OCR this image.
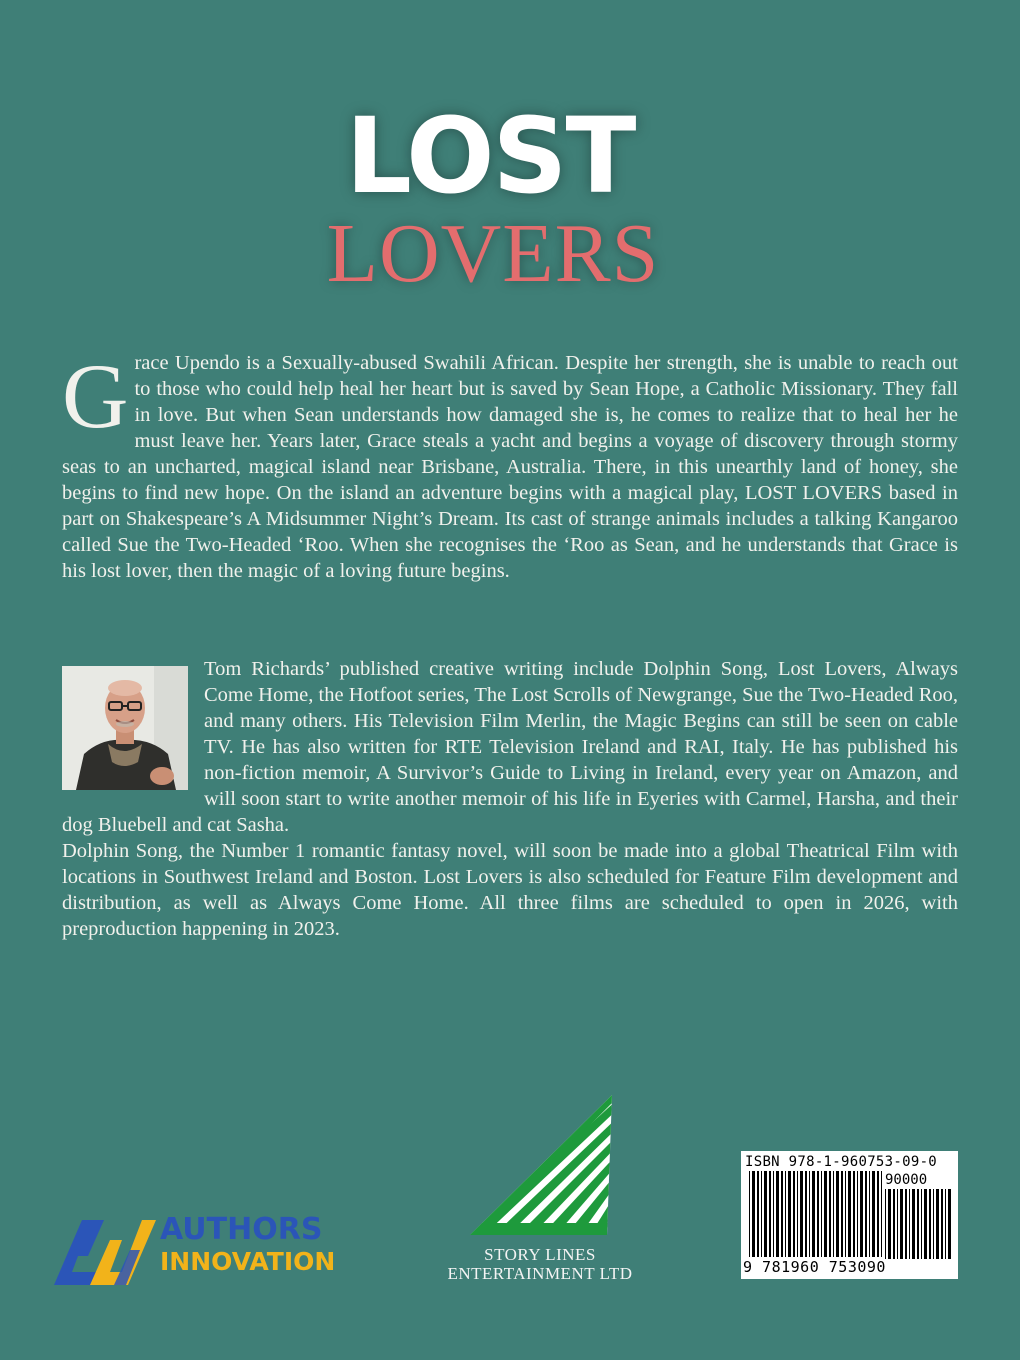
LOST
LOVERS
G race Upendo is a Sexually-abused Swahili African. Despite her strength, she is unable to reach out to those who could help heal her heart but is saved by Sean Hope, a Catholic Missionary. They fall in love. But when Sean understands how damaged she is, he comes to realize that to heal her he must leave her. Years later, Grace steals a yacht and begins a voyage of discovery through stormy seas to an uncharted, magical island near Brisbane, Australia. There, in this unearthly land of honey, she begins to find new hope. On the island an adventure begins with a magical play, LOST LOVERS based in part on Shakespeare’s A Midsummer Night’s Dream. Its cast of strange animals includes a talking Kangaroo called Sue the Two-Headed ‘Roo. When she recognises the ‘Roo as Sean, and he understands that Grace is his lost lover, then the magic of a loving future begins.

Tom Richards’ published creative writing include Dolphin Song, Lost Lovers, Always Come Home, the Hotfoot series, The Lost Scrolls of Newgrange, Sue the Two-Headed Roo, and many others. His Television Film Merlin, the Magic Begins can still be seen on cable TV. He has also written for RTE Television Ireland and RAI, Italy. He has published his non-fiction memoir, A Survivor’s Guide to Living in Ireland, every year on Amazon, and will soon start to write another memoir of his life in Eyeries with Carmel, Harsha, and their dog Bluebell and cat Sasha.

Dolphin Song, the Number 1 romantic fantasy novel, will soon be made into a global Theatrical Film with locations in Southwest Ireland and Boston. Lost Lovers is also scheduled for Feature Film development and distribution, as well as Always Come Home. All three films are scheduled to open in 2026, with preproduction happening in 2023.

AUTHORS
INNOVATION	STORY LINES
ENTERTAINMENT LTD
ISBN 978-1-960753-09-0
90000
9 781960 753090
